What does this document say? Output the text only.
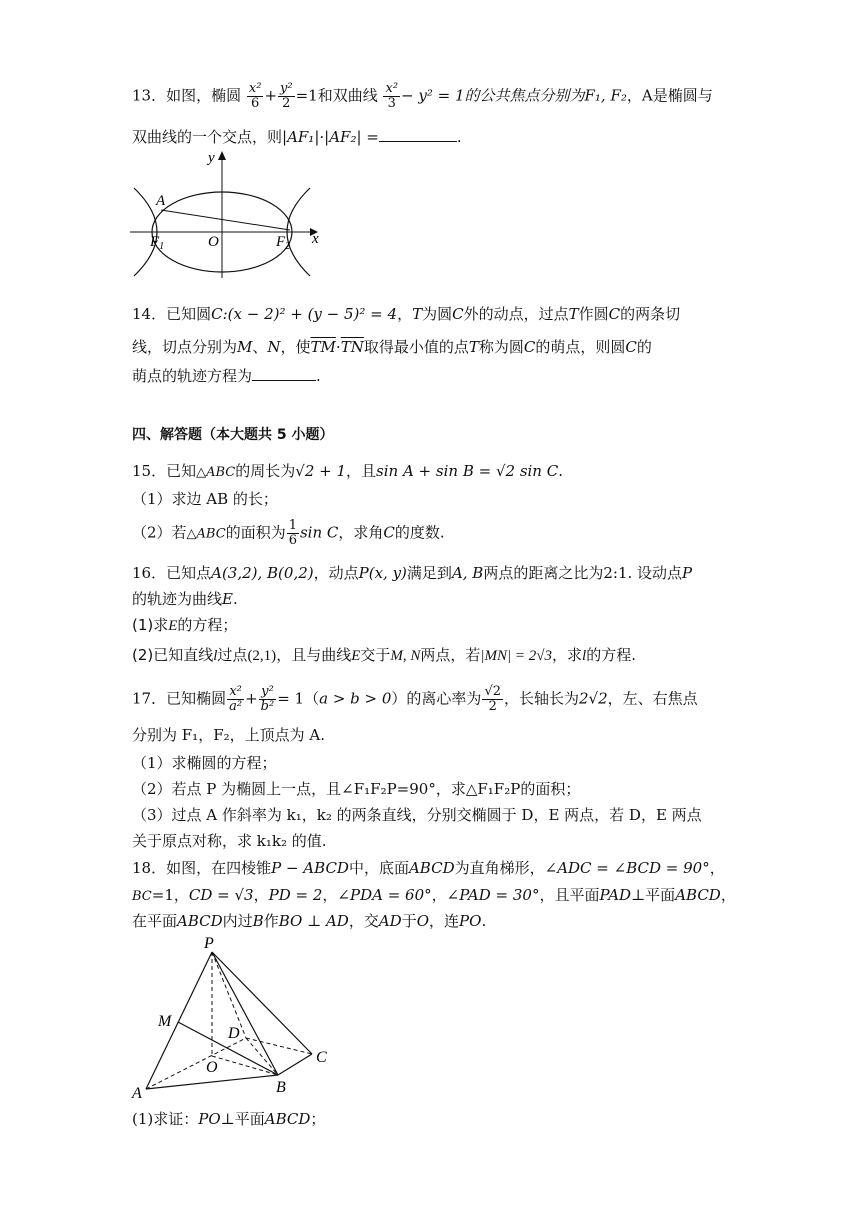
13．如图，椭圆 $\frac{\text{x²}}{6} + \frac{\text{y²}}{2} =1$和双曲线 $\frac{\text{x²}}{3} - y^2 = 1$的公共焦点分别为F₁, F₂，A是椭圆与
双曲线的一个交点，则|AF₁|·|AF₂| =	.
y
x
A
O
$F_1$	$F_2$
14．已知圆C:(x − 2)² + (y − 5)² = 4，T为圆C外的动点，过点T作圆C的两条切
线，切点分别为M、N，使$\overline{TM}\cdot\overline{TN}$取得最小值的点T称为圆C的萌点，则圆C的
萌点的轨迹方程为	.
四、解答题（本大题共 5 小题）
15．已知△ABC的周长为√2 + 1，且sin A + sin B = √2 sin C.
（1）求边 AB 的长；
（2）若△ABC的面积为 $\frac{1}{6}$ sin C，求角C的度数.
16．已知点A(3,2), B(0,2)，动点P(x, y)满足到A, B两点的距离之比为2:1. 设动点P
的轨迹为曲线E.
(1)求E的方程；
(2)已知直线l过点(2,1)，且与曲线E交于M, N两点，若|MN| = 2√3，求l的方程.
17．已知椭圆 $\frac{\text{x²}}{\text{a²}} + \frac{\text{y²}}{\text{b²}} = 1(a > b > 0)$的离心率为 $\frac{√2}{2}$ ，长轴长为2√2，左、右焦点
分别为 F₁，F₂，上顶点为 A.
（1）求椭圆的方程；
（2）若点 P 为椭圆上一点，且∠F₁F₂P=90°，求△F₁F₂P的面积；
（3）过点 A 作斜率为 k₁，k₂ 的两条直线，分别交椭圆于 D，E 两点，若 D，E 两点
关于原点对称，求 k₁k₂ 的值.
18．如图，在四棱锥P − ABCD中，底面ABCD为直角梯形，∠ADC = ∠BCD = 90°，
BC=1，CD = √3，PD = 2，∠PDA = 60°，∠PAD = 30°，且平面PAD⊥平面ABCD，
在平面ABCD内过B作BO ⊥ AD，交AD于O，连PO.
P
M
D
O
A	B
C
(1)求证：PO⊥平面ABCD；
